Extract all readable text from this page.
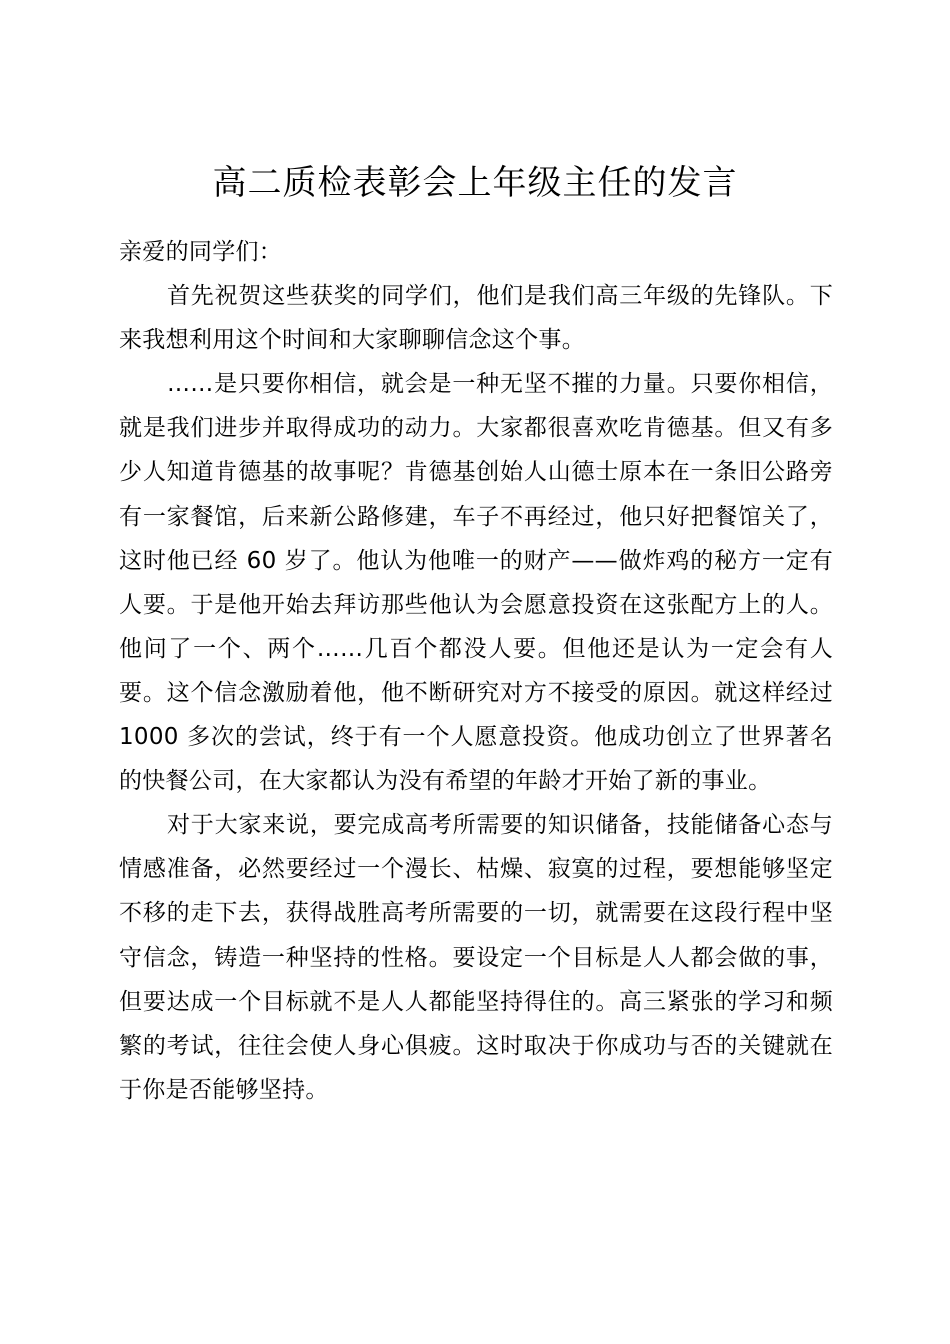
高二质检表彰会上年级主任的发言

亲爱的同学们：

首先祝贺这些获奖的同学们，他们是我们高三年级的先锋队。下来我想利用这个时间和大家聊聊信念这个事。

……是只要你相信，就会是一种无坚不摧的力量。只要你相信，就是我们进步并取得成功的动力。大家都很喜欢吃肯德基。但又有多少人知道肯德基的故事呢？肯德基创始人山德士原本在一条旧公路旁有一家餐馆，后来新公路修建，车子不再经过，他只好把餐馆关了，这时他已经 60 岁了。他认为他唯一的财产——做炸鸡的秘方一定有人要。于是他开始去拜访那些他认为会愿意投资在这张配方上的人。他问了一个、两个……几百个都没人要。但他还是认为一定会有人要。这个信念激励着他，他不断研究对方不接受的原因。就这样经过 1000 多次的尝试，终于有一个人愿意投资。他成功创立了世界著名的快餐公司，在大家都认为没有希望的年龄才开始了新的事业。

对于大家来说，要完成高考所需要的知识储备，技能储备心态与情感准备，必然要经过一个漫长、枯燥、寂寞的过程，要想能够坚定不移的走下去，获得战胜高考所需要的一切，就需要在这段行程中坚守信念，铸造一种坚持的性格。要设定一个目标是人人都会做的事，但要达成一个目标就不是人人都能坚持得住的。高三紧张的学习和频繁的考试，往往会使人身心俱疲。这时取决于你成功与否的关键就在于你是否能够坚持。
